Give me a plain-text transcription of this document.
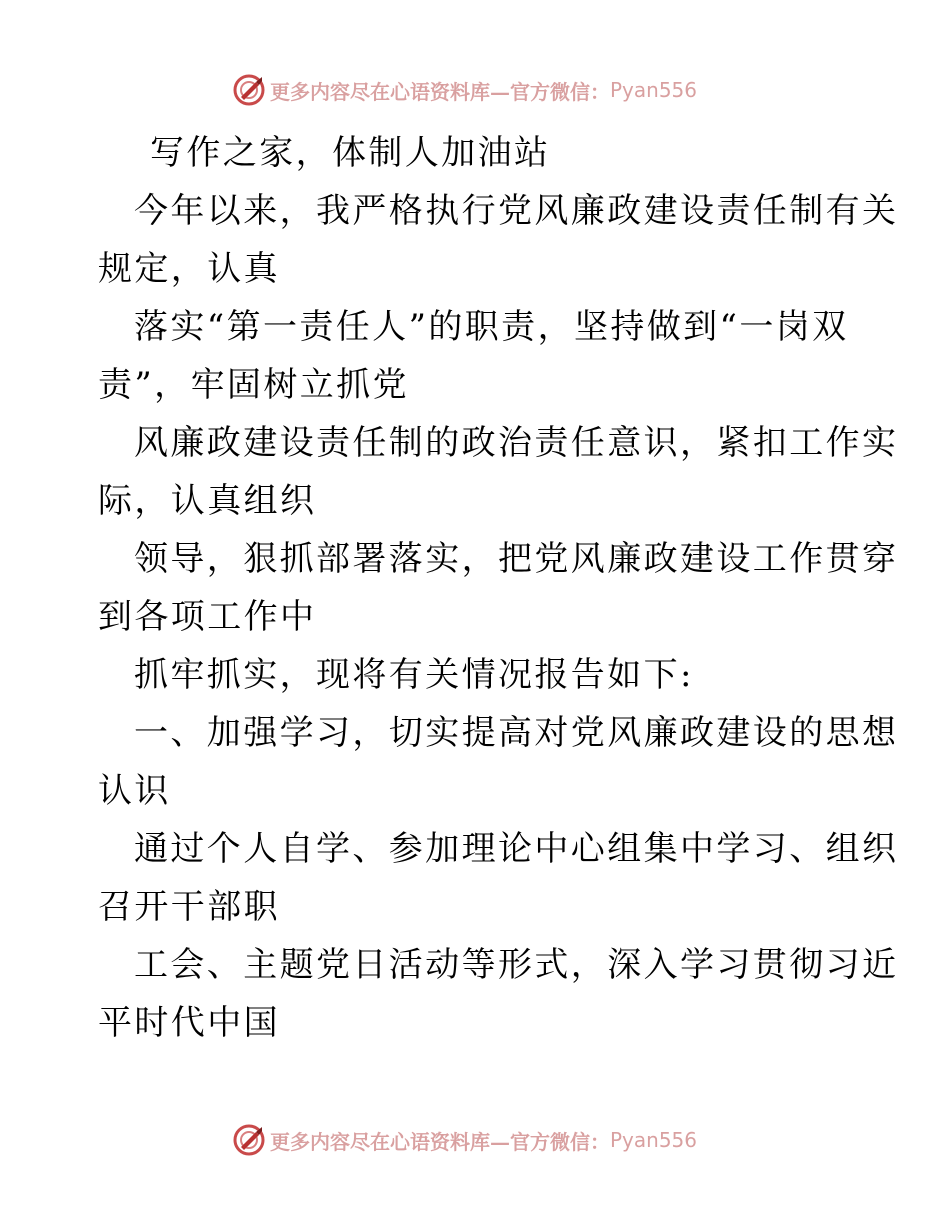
更多内容尽在心语资料库—官方微信： Pyan556
写作之家，体制人加油站
今年以来，我严格执行党风廉政建设责任制有关
规定，认真
落实“第一责任人”的职责，坚持做到“一岗双
责”，牢固树立抓党
风廉政建设责任制的政治责任意识，紧扣工作实
际，认真组织
领导，狠抓部署落实，把党风廉政建设工作贯穿
到各项工作中
抓牢抓实，现将有关情况报告如下:
一、加强学习，切实提高对党风廉政建设的思想
认识
通过个人自学、参加理论中心组集中学习、组织
召开干部职
工会、主题党日活动等形式，深入学习贯彻习近
平时代中国
更多内容尽在心语资料库—官方微信： Pyan556
